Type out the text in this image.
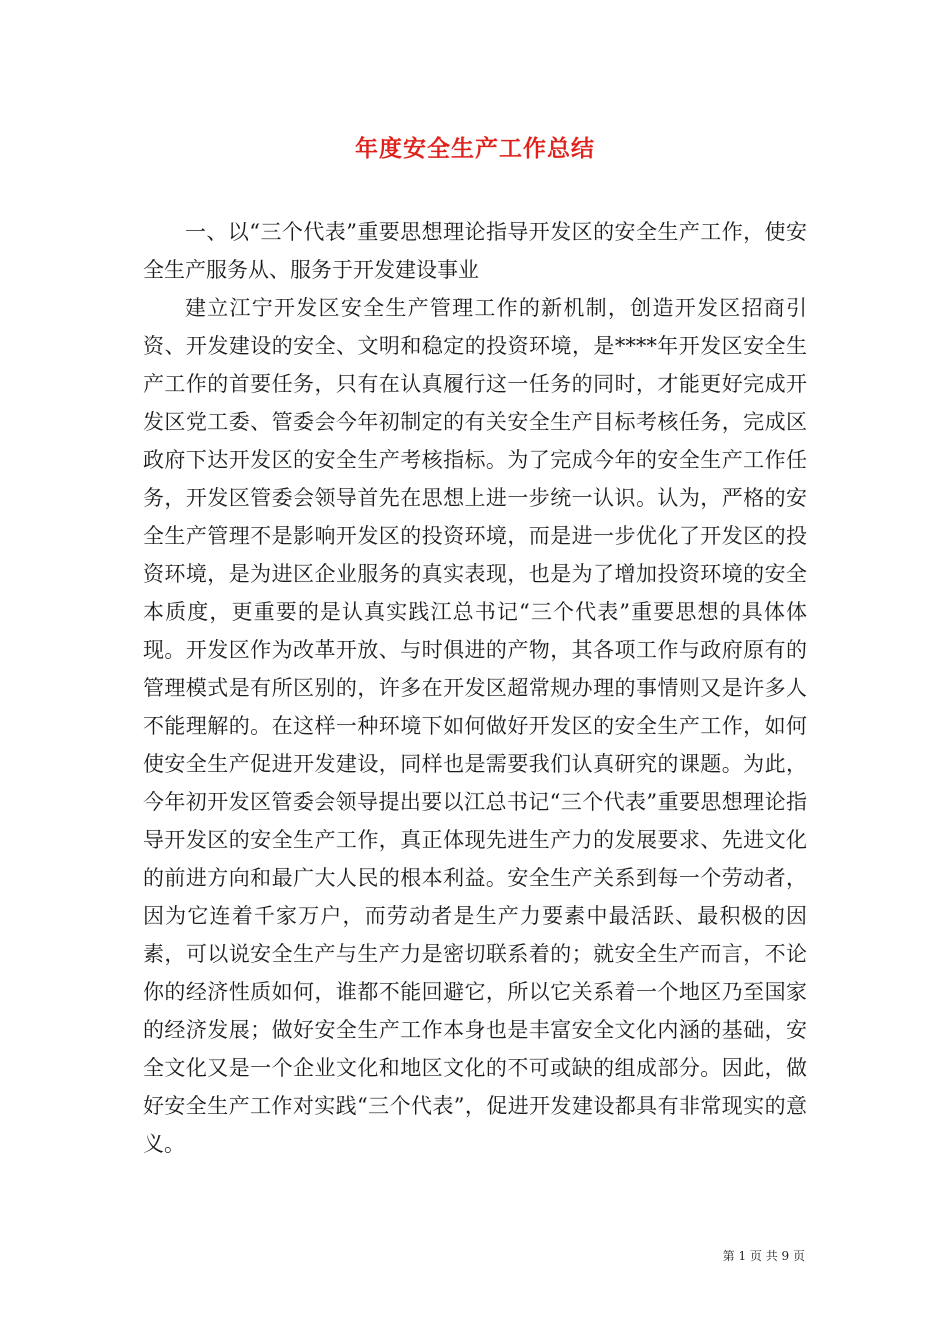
年度安全生产工作总结

一、以“三个代表”重要思想理论指导开发区的安全生产工作，使安全生产服务从、服务于开发建设事业

建立江宁开发区安全生产管理工作的新机制，创造开发区招商引资、开发建设的安全、文明和稳定的投资环境，是****年开发区安全生产工作的首要任务，只有在认真履行这一任务的同时，才能更好完成开发区党工委、管委会今年初制定的有关安全生产目标考核任务，完成区政府下达开发区的安全生产考核指标。为了完成今年的安全生产工作任务，开发区管委会领导首先在思想上进一步统一认识。认为，严格的安全生产管理不是影响开发区的投资环境，而是进一步优化了开发区的投资环境，是为进区企业服务的真实表现，也是为了增加投资环境的安全本质度，更重要的是认真实践江总书记“三个代表”重要思想的具体体现。开发区作为改革开放、与时俱进的产物，其各项工作与政府原有的管理模式是有所区别的，许多在开发区超常规办理的事情则又是许多人不能理解的。在这样一种环境下如何做好开发区的安全生产工作，如何使安全生产促进开发建设，同样也是需要我们认真研究的课题。为此，今年初开发区管委会领导提出要以江总书记“三个代表”重要思想理论指导开发区的安全生产工作，真正体现先进生产力的发展要求、先进文化的前进方向和最广大人民的根本利益。安全生产关系到每一个劳动者，因为它连着千家万户，而劳动者是生产力要素中最活跃、最积极的因素，可以说安全生产与生产力是密切联系着的；就安全生产而言，不论你的经济性质如何，谁都不能回避它，所以它关系着一个地区乃至国家的经济发展；做好安全生产工作本身也是丰富安全文化内涵的基础，安全文化又是一个企业文化和地区文化的不可或缺的组成部分。因此，做好安全生产工作对实践“三个代表”，促进开发建设都具有非常现实的意义。

第 1 页 共 9 页
